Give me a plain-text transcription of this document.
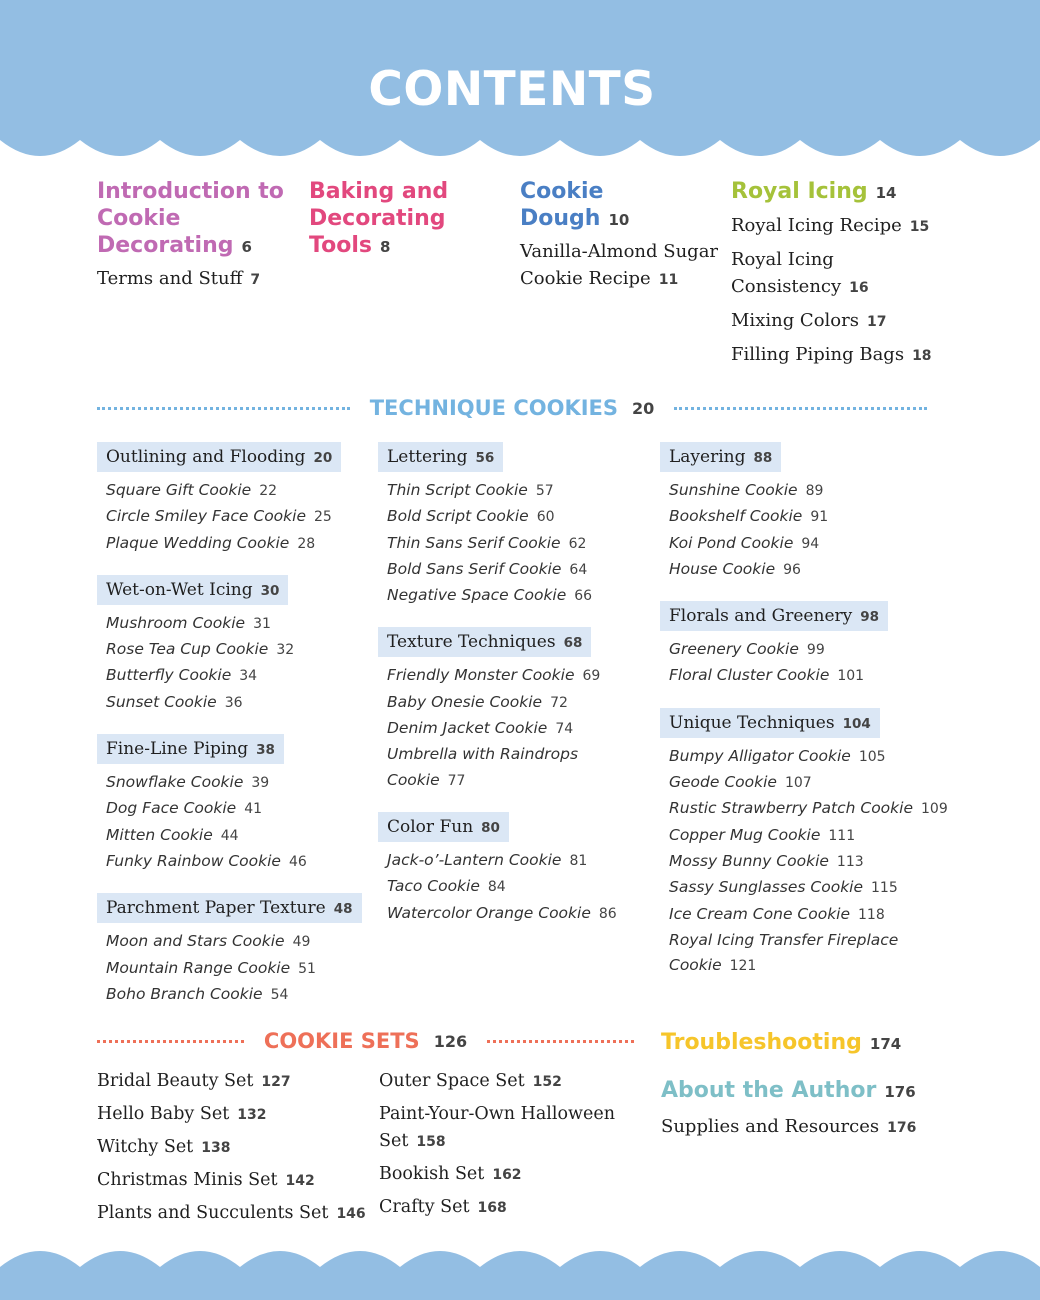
CONTENTS
Introduction to Cookie Decorating 6
Terms and Stuff 7
Baking and Decorating Tools 8
Cookie Dough 10
Vanilla-Almond Sugar Cookie Recipe 11
Royal Icing 14
Royal Icing Recipe 15
Royal Icing Consistency 16
Mixing Colors 17
Filling Piping Bags 18
TECHNIQUE COOKIES 20
Outlining and Flooding 20
Square Gift Cookie 22
Circle Smiley Face Cookie 25
Plaque Wedding Cookie 28
Wet-on-Wet Icing 30
Mushroom Cookie 31
Rose Tea Cup Cookie 32
Butterfly Cookie 34
Sunset Cookie 36
Fine-Line Piping 38
Snowflake Cookie 39
Dog Face Cookie 41
Mitten Cookie 44
Funky Rainbow Cookie 46
Parchment Paper Texture 48
Moon and Stars Cookie 49
Mountain Range Cookie 51
Boho Branch Cookie 54
Lettering 56
Thin Script Cookie 57
Bold Script Cookie 60
Thin Sans Serif Cookie 62
Bold Sans Serif Cookie 64
Negative Space Cookie 66
Texture Techniques 68
Friendly Monster Cookie 69
Baby Onesie Cookie 72
Denim Jacket Cookie 74
Umbrella with Raindrops Cookie 77
Color Fun 80
Jack-o’-Lantern Cookie 81
Taco Cookie 84
Watercolor Orange Cookie 86
Layering 88
Sunshine Cookie 89
Bookshelf Cookie 91
Koi Pond Cookie 94
House Cookie 96
Florals and Greenery 98
Greenery Cookie 99
Floral Cluster Cookie 101
Unique Techniques 104
Bumpy Alligator Cookie 105
Geode Cookie 107
Rustic Strawberry Patch Cookie 109
Copper Mug Cookie 111
Mossy Bunny Cookie 113
Sassy Sunglasses Cookie 115
Ice Cream Cone Cookie 118
Royal Icing Transfer Fireplace Cookie 121
COOKIE SETS 126
Bridal Beauty Set 127
Hello Baby Set 132
Witchy Set 138
Christmas Minis Set 142
Plants and Succulents Set 146
Outer Space Set 152
Paint-Your-Own Halloween Set 158
Bookish Set 162
Crafty Set 168
Troubleshooting 174
About the Author 176
Supplies and Resources 176
